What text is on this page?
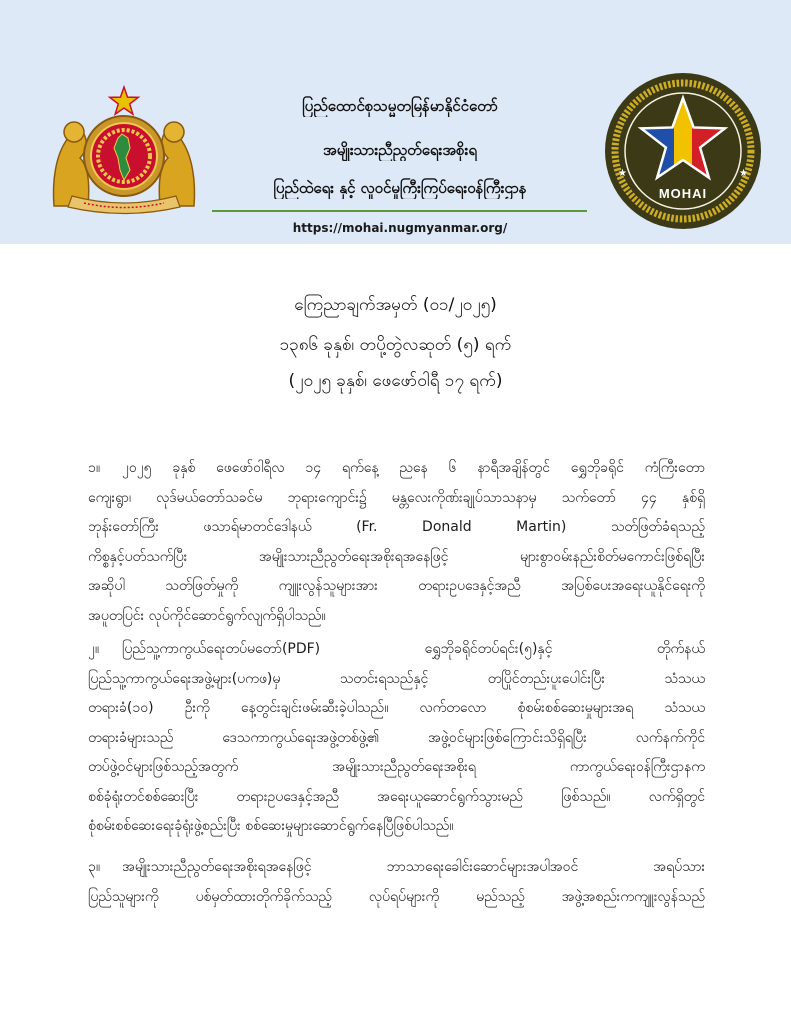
ပြည်ထောင်စုသမ္မတမြန်မာနိုင်ငံတော်
အမျိုးသားညီညွတ်ရေးအစိုးရ
ပြည်ထဲရေး နှင့် လူဝင်မှုကြီးကြပ်ရေးဝန်ကြီးဌာန
https://mohai.nugmyanmar.org/
MOHAI
★	★
ကြေညာချက်အမှတ် (၀၁/၂၀၂၅)
၁၃၈၆ ခုနှစ်၊ တပို့တွဲလဆုတ် (၅) ရက်
(၂၀၂၅ ခုနှစ်၊ ဖေဖော်ဝါရီ ၁၇ ရက်)
၁။ ၂၀၂၅ ခုနှစ် ဖေဖော်ဝါရီလ ၁၄ ရက်နေ့ ညနေ ၆ နာရီအချိန်တွင် ရွှေဘိုခရိုင် ကံကြီးတော
ကျေးရွာ၊ လုဒ်မယ်တော်သခင်မ ဘုရားကျောင်း၌ မန္တလေးကိုဏ်းချုပ်သာသနာမှ သက်တော် ၄၄ နှစ်ရှိ
ဘုန်းတော်ကြီး ဖသာရ်မာတင်ဒေါနယ် (Fr. Donald Martin) သတ်ဖြတ်ခံရသည့်
ကိစ္စနှင့်ပတ်သက်ပြီး အမျိုးသားညီညွတ်ရေးအစိုးရအနေဖြင့် များစွာဝမ်းနည်းစိတ်မကောင်းဖြစ်ရပြီး
အဆိုပါ သတ်ဖြတ်မှုကို ကျူးလွန်သူများအား တရားဥပဒေနှင့်အညီ အပြစ်ပေးအရေးယူနိုင်ရေးကို
အပူတပြင်း လုပ်ကိုင်ဆောင်ရွက်လျက်ရှိပါသည်။
၂။ ပြည်သူ့ကာကွယ်ရေးတပ်မတော်(PDF) ရွှေဘိုခရိုင်တပ်ရင်း(၅)နှင့် တိုက်နယ်
ပြည်သူ့ကာကွယ်ရေးအဖွဲ့များ(ပကဖ)မှ သတင်းရသည်နှင့် တပြိုင်တည်းပူးပေါင်းပြီး သံသယ
တရားခံ(၁၀) ဦးကို နေ့တွင်းချင်းဖမ်းဆီးခဲ့ပါသည်။ လက်တလော စုံစမ်းစစ်ဆေးမှုများအရ သံသယ
တရားခံများသည် ဒေသကာကွယ်ရေးအဖွဲ့တစ်ဖွဲ့၏ အဖွဲ့ဝင်များဖြစ်ကြောင်းသိရှိရပြီး လက်နက်ကိုင်
တပ်ဖွဲ့ဝင်များဖြစ်သည့်အတွက် အမျိုးသားညီညွတ်ရေးအစိုးရ ကာကွယ်ရေးဝန်ကြီးဌာနက
စစ်ခုံရုံးတင်စစ်ဆေးပြီး တရားဥပဒေနှင့်အညီ အရေးယူဆောင်ရွက်သွားမည် ဖြစ်သည်။ လက်ရှိတွင်
စုံစမ်းစစ်ဆေးရေးခုံရုံးဖွဲ့စည်းပြီး စစ်ဆေးမှုများဆောင်ရွက်နေပြီဖြစ်ပါသည်။
၃။ အမျိုးသားညီညွတ်ရေးအစိုးရအနေဖြင့် ဘာသာရေးခေါင်းဆောင်များအပါအဝင် အရပ်သား
ပြည်သူများကို ပစ်မှတ်ထားတိုက်ခိုက်သည့် လုပ်ရပ်များကို မည်သည့် အဖွဲ့အစည်းကကျူးလွန်သည်
